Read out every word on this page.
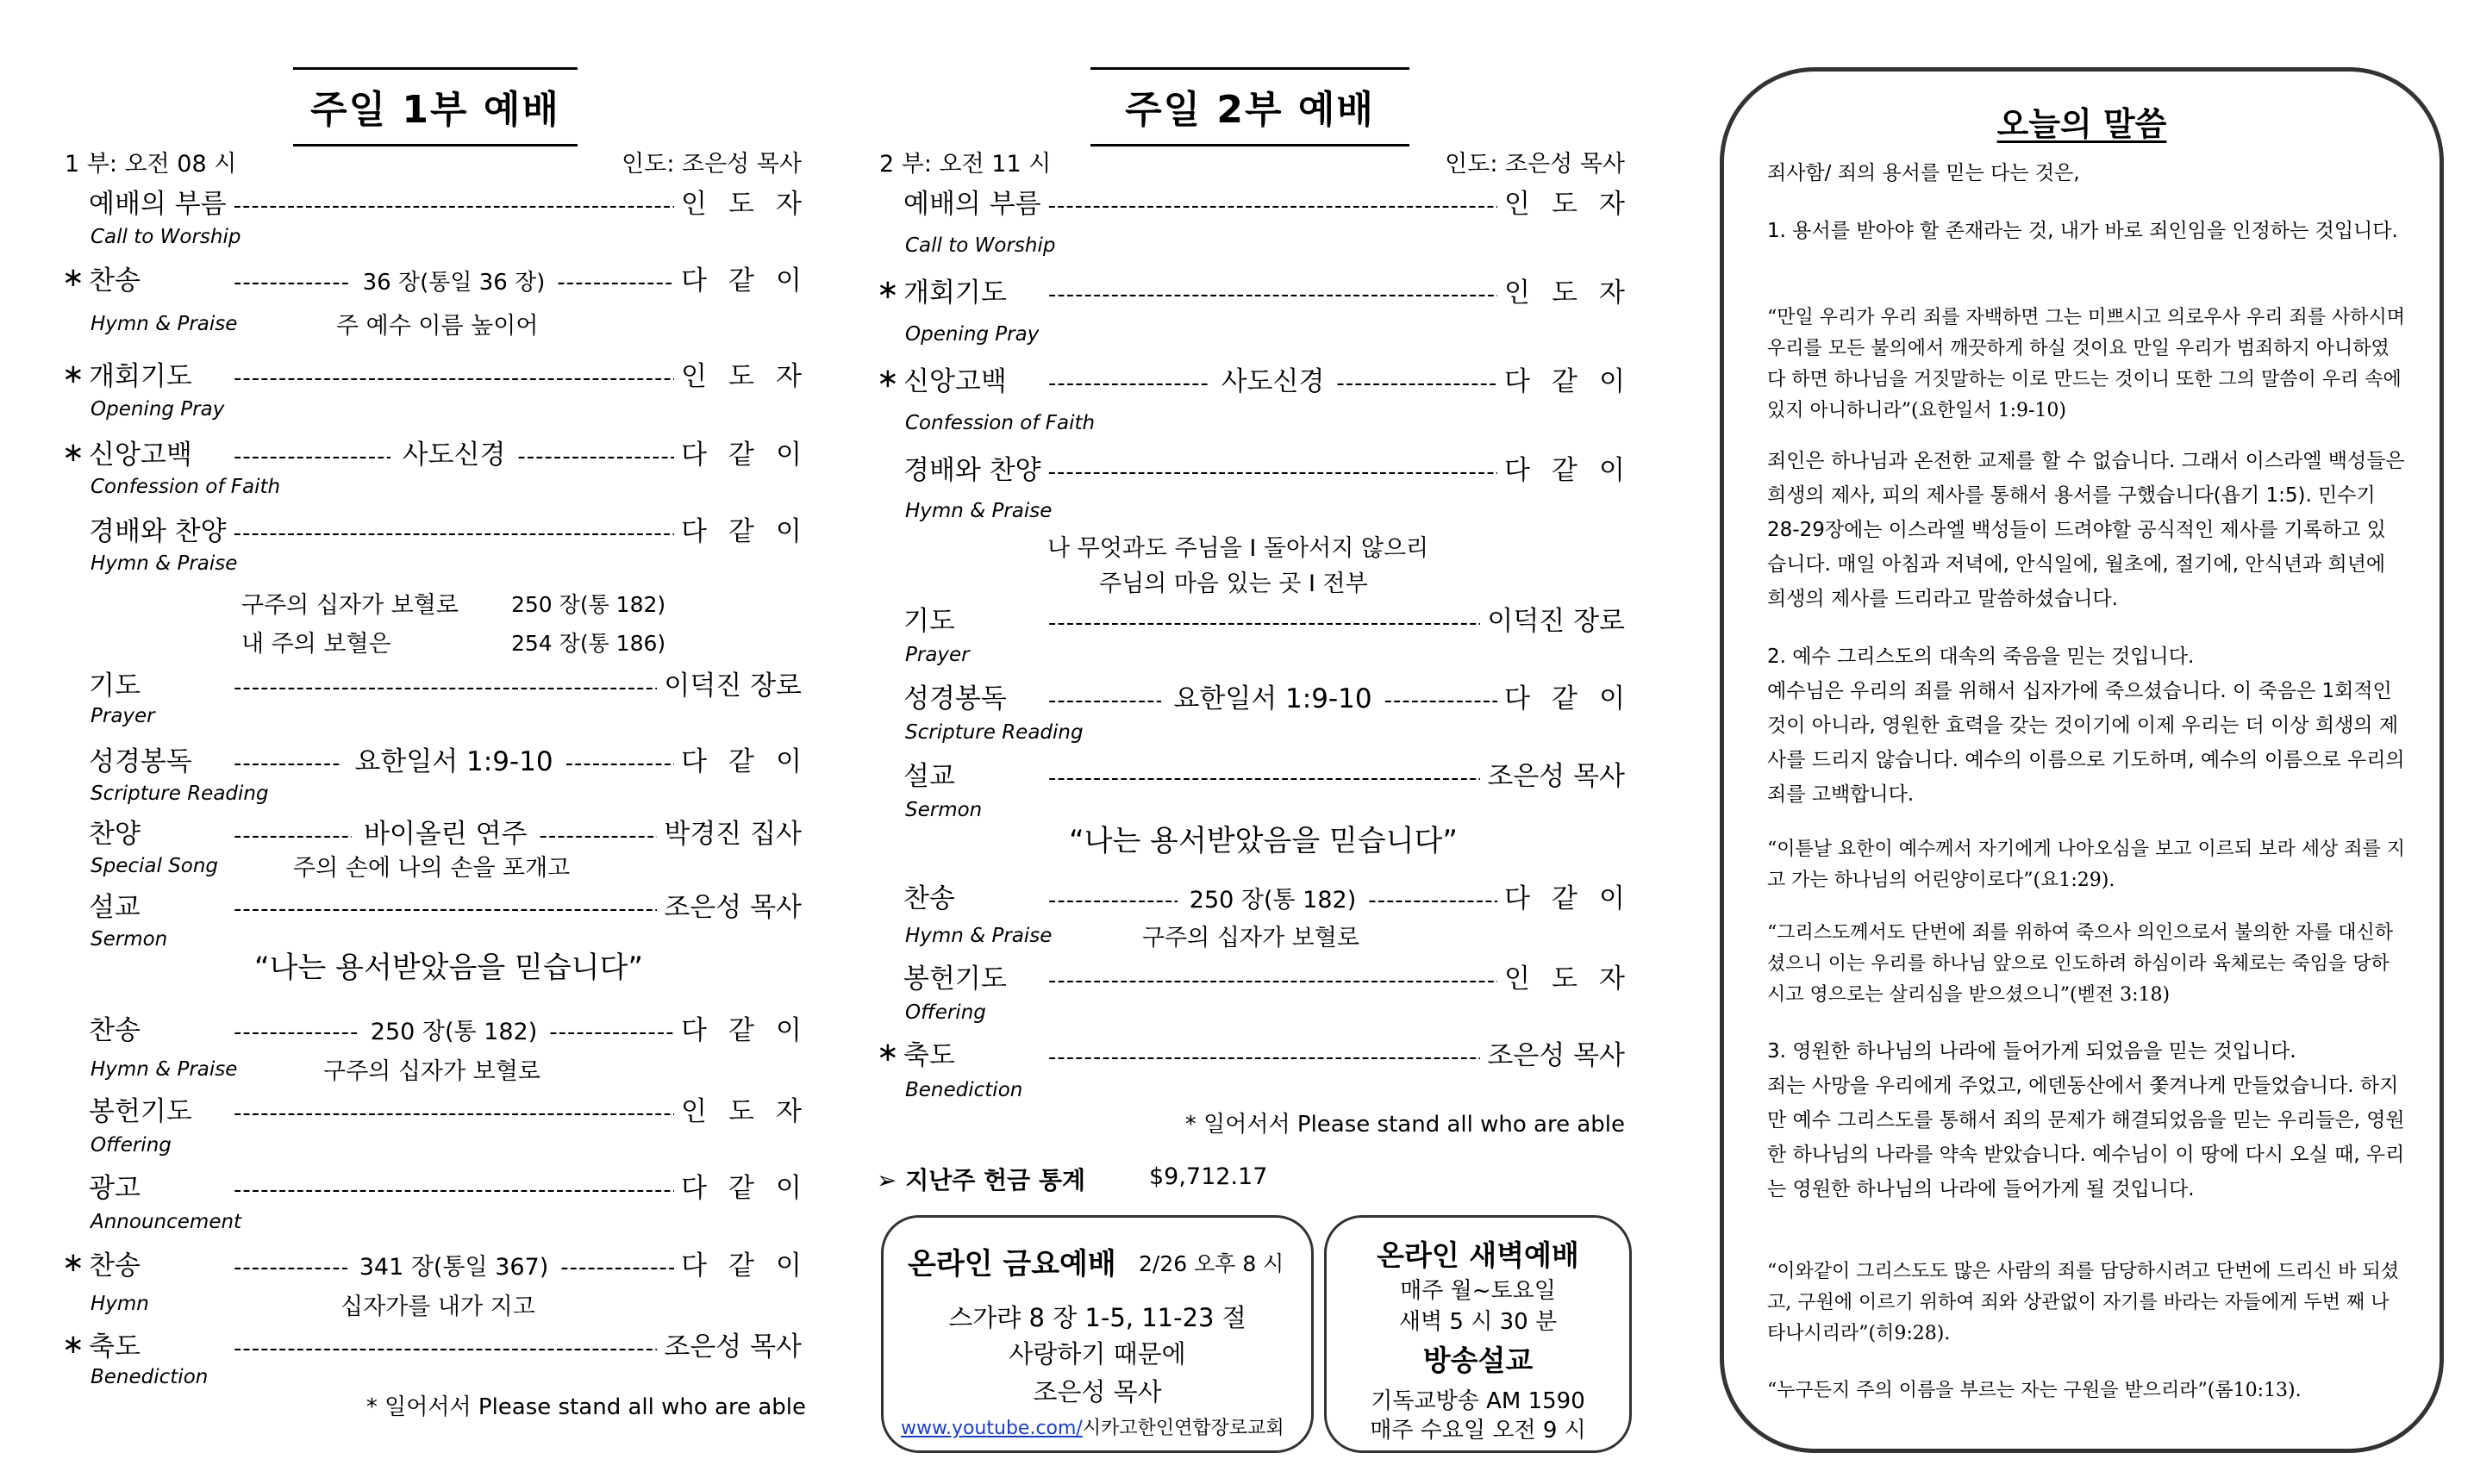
주일 1부 예배
1 부: 오전 08 시	인도: 조은성 목사
예배의 부름 -----	인 도 자
Call to Worship
∗ 찬송 -----	36 장(통일 36 장) -----	다 같 이
Hymn & Praise	주 예수 이름 높이어
∗ 개회기도 -----	인 도 자
Opening Pray
∗ 신앙고백 -----	사도신경 -----	다 같 이
Confession of Faith
경배와 찬양 -----	다 같 이
Hymn & Praise
구주의 십자가 보혈로 250 장(통 182)
내 주의 보혈은	254 장(통 186)
기도 -----	이덕진 장로
Prayer
성경봉독 -----	요한일서 1:9-10 -----	다 같 이
Scripture Reading
찬양 -----	바이올린 연주 -----	박경진 집사
Special Song	주의 손에 나의 손을 포개고
설교 -----	조은성 목사
Sermon
“나는 용서받았음을 믿습니다”
찬송 -----	250 장(통 182) -----	다 같 이
Hymn & Praise	구주의 십자가 보혈로
봉헌기도 -----	인 도 자
Offering
광고 -----	다 같 이
Announcement
∗ 찬송 -----	341 장(통일 367) -----	다 같 이
Hymn	십자가를 내가 지고
∗ 축도 -----	조은성 목사
Benediction
* 일어서서 Please stand all who are able
주일 2부 예배
2 부: 오전 11 시	인도: 조은성 목사
예배의 부름 -----	인 도 자
Call to Worship
∗ 개회기도 -----	인 도 자
Opening Pray
∗ 신앙고백 -----	사도신경 -----	다 같 이
Confession of Faith
경배와 찬양 -----	다 같 이
Hymn & Praise
나 무엇과도 주님을 I 돌아서지 않으리
주님의 마음 있는 곳 I 전부
기도 -----	이덕진 장로
Prayer
성경봉독 -----	요한일서 1:9-10 -----	다 같 이
Scripture Reading
설교 -----	조은성 목사
Sermon
“나는 용서받았음을 믿습니다”
찬송 -----	250 장(통 182) -----	다 같 이
Hymn & Praise	구주의 십자가 보혈로
봉헌기도 -----	인 도 자
Offering
∗ 축도 -----	조은성 목사
Benediction
* 일어서서 Please stand all who are able
➢ 지난주 헌금 통계	$9,712.17
온라인 금요예배 2/26 오후 8 시
스가랴 8 장 1-5, 11-23 절
사랑하기 때문에
조은성 목사
www.youtube.com/시카고한인연합장로교회
온라인 새벽예배
매주 월~토요일
새벽 5 시 30 분
방송설교
기독교방송 AM 1590
매주 수요일 오전 9 시
오늘의 말씀
죄사함/ 죄의 용서를 믿는 다는 것은,
1. 용서를 받아야 할 존재라는 것, 내가 바로 죄인임을 인정하는 것입니다.
“만일 우리가 우리 죄를 자백하면 그는 미쁘시고 의로우사 우리 죄를 사하시며 우리를 모든 불의에서 깨끗하게 하실 것이요 만일 우리가 범죄하지 아니하였다 하면 하나님을 거짓말하는 이로 만드는 것이니 또한 그의 말씀이 우리 속에 있지 아니하니라”(요한일서 1:9-10)
죄인은 하나님과 온전한 교제를 할 수 없습니다. 그래서 이스라엘 백성들은 희생의 제사, 피의 제사를 통해서 용서를 구했습니다(욥기 1:5). 민수기 28-29장에는 이스라엘 백성들이 드려야할 공식적인 제사를 기록하고 있습니다. 매일 아침과 저녁에, 안식일에, 월초에, 절기에, 안식년과 희년에 희생의 제사를 드리라고 말씀하셨습니다.
2. 예수 그리스도의 대속의 죽음을 믿는 것입니다.
예수님은 우리의 죄를 위해서 십자가에 죽으셨습니다. 이 죽음은 1회적인 것이 아니라, 영원한 효력을 갖는 것이기에 이제 우리는 더 이상 희생의 제사를 드리지 않습니다. 예수의 이름으로 기도하며, 예수의 이름으로 우리의 죄를 고백합니다.
“이튿날 요한이 예수께서 자기에게 나아오심을 보고 이르되 보라 세상 죄를 지고 가는 하나님의 어린양이로다”(요1:29).
“그리스도께서도 단번에 죄를 위하여 죽으사 의인으로서 불의한 자를 대신하셨으니 이는 우리를 하나님 앞으로 인도하려 하심이라 육체로는 죽임을 당하시고 영으로는 살리심을 받으셨으니”(벧전 3:18)
3. 영원한 하나님의 나라에 들어가게 되었음을 믿는 것입니다.
죄는 사망을 우리에게 주었고, 에덴동산에서 쫓겨나게 만들었습니다. 하지만 예수 그리스도를 통해서 죄의 문제가 해결되었음을 믿는 우리들은, 영원한 하나님의 나라를 약속 받았습니다. 예수님이 이 땅에 다시 오실 때, 우리는 영원한 하나님의 나라에 들어가게 될 것입니다.
“이와같이 그리스도도 많은 사람의 죄를 담당하시려고 단번에 드리신 바 되셨고, 구원에 이르기 위하여 죄와 상관없이 자기를 바라는 자들에게 두번 째 나타나시리라”(히9:28).
“누구든지 주의 이름을 부르는 자는 구원을 받으리라”(롬10:13).
